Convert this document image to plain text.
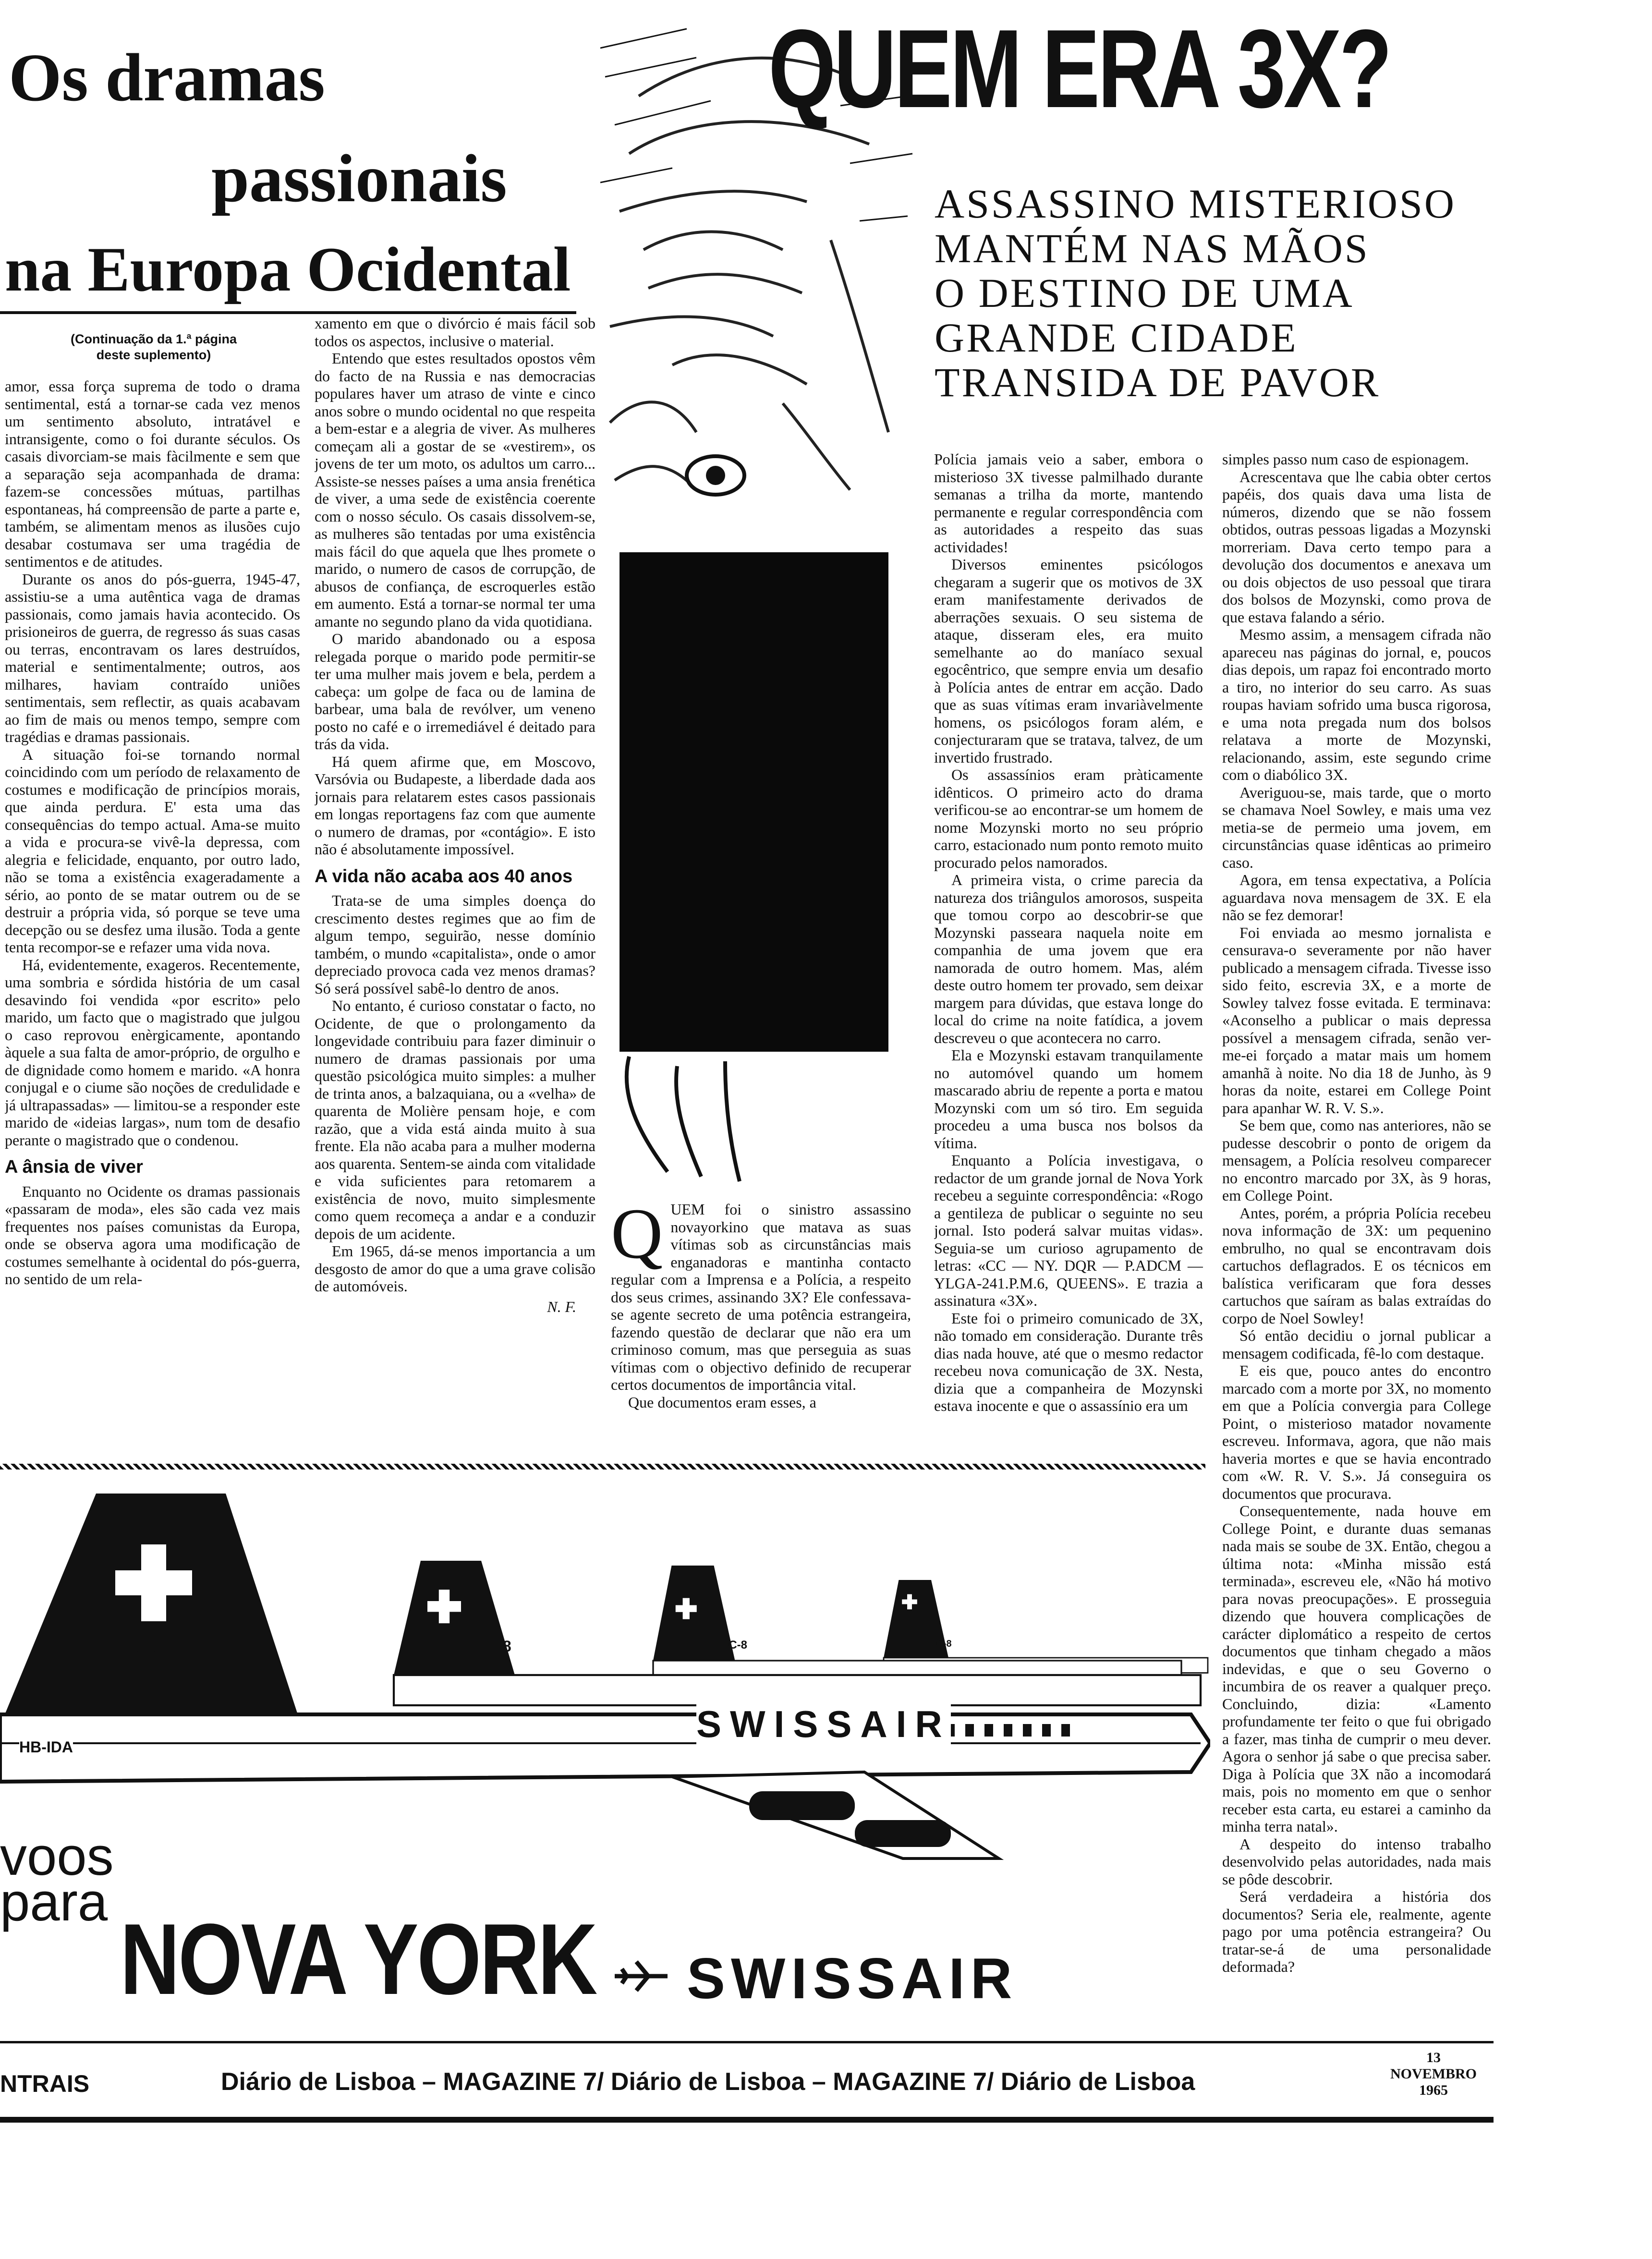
Os dramas
passionais
na Europa Ocidental
(Continuação da 1.ª página
deste suplemento)

amor, essa força suprema de todo o drama sentimental, está a tornar-se cada vez menos um sentimento absoluto, intratável e intransigente, como o foi durante séculos. Os casais divorciam-se mais fàcilmente e sem que a separação seja acompanhada de drama: fazem-se concessões mútuas, partilhas espontaneas, há compreensão de parte a parte e, também, se alimentam menos as ilusões cujo desabar costumava ser uma tragédia de sentimentos e de atitudes.

Durante os anos do pós-guerra, 1945-47, assistiu-se a uma autêntica vaga de dramas passionais, como jamais havia acontecido. Os prisioneiros de guerra, de regresso ás suas casas ou terras, encontravam os lares destruídos, material e sentimentalmente; outros, aos milhares, haviam contraído uniões sentimentais, sem reflectir, as quais acabavam ao fim de mais ou menos tempo, sempre com tragédias e dramas passionais.

A situação foi-se tornando normal coincidindo com um período de relaxamento de costumes e modificação de princípios morais, que ainda perdura. E' esta uma das consequências do tempo actual. Ama-se muito a vida e procura-se vivê-la depressa, com alegria e felicidade, enquanto, por outro lado, não se toma a existência exageradamente a sério, ao ponto de se matar outrem ou de se destruir a própria vida, só porque se teve uma decepção ou se desfez uma ilusão. Toda a gente tenta recompor-se e refazer uma vida nova.

Há, evidentemente, exageros. Recentemente, uma sombria e sórdida história de um casal desavindo foi vendida «por escrito» pelo marido, um facto que o magistrado que julgou o caso reprovou enèrgicamente, apontando àquele a sua falta de amor-próprio, de orgulho e de dignidade como homem e marido. «A honra conjugal e o ciume são noções de credulidade e já ultrapassadas» — limitou-se a responder este marido de «ideias largas», num tom de desafio perante o magistrado que o condenou.

A ânsia de viver

Enquanto no Ocidente os dramas passionais «passaram de moda», eles são cada vez mais frequentes nos países comunistas da Europa, onde se observa agora uma modificação de costumes semelhante à ocidental do pós-guerra, no sentido de um rela-

xamento em que o divórcio é mais fácil sob todos os aspectos, inclusive o material.

Entendo que estes resultados opostos vêm do facto de na Russia e nas democracias populares haver um atraso de vinte e cinco anos sobre o mundo ocidental no que respeita a bem-estar e a alegria de viver. As mulheres começam ali a gostar de se «vestirem», os jovens de ter um moto, os adultos um carro... Assiste-se nesses países a uma ansia frenética de viver, a uma sede de existência coerente com o nosso século. Os casais dissolvem-se, as mulheres são tentadas por uma existência mais fácil do que aquela que lhes promete o marido, o numero de casos de corrupção, de abusos de confiança, de escroquerles estão em aumento. Está a tornar-se normal ter uma amante no segundo plano da vida quotidiana.

O marido abandonado ou a esposa relegada porque o marido pode permitir-se ter uma mulher mais jovem e bela, perdem a cabeça: um golpe de faca ou de lamina de barbear, uma bala de revólver, um veneno posto no café e o irremediável é deitado para trás da vida.

Há quem afirme que, em Moscovo, Varsóvia ou Budapeste, a liberdade dada aos jornais para relatarem estes casos passionais em longas reportagens faz com que aumente o numero de dramas, por «contágio». E isto não é absolutamente impossível.

A vida não acaba aos 40 anos

Trata-se de uma simples doença do crescimento destes regimes que ao fim de algum tempo, seguirão, nesse domínio também, o mundo «capitalista», onde o amor depreciado provoca cada vez menos dramas? Só será possível sabê-lo dentro de anos.

No entanto, é curioso constatar o facto, no Ocidente, de que o prolongamento da longevidade contribuiu para fazer diminuir o numero de dramas passionais por uma questão psicológica muito simples: a mulher de trinta anos, a balzaquiana, ou a «velha» de quarenta de Molière pensam hoje, e com razão, que a vida está ainda muito à sua frente. Ela não acaba para a mulher moderna aos quarenta. Sentem-se ainda com vitalidade e vida suficientes para retomarem a existência de novo, muito simplesmente como quem recomeça a andar e a conduzir depois de um acidente.

Em 1965, dá-se menos importancia a um desgosto de amor do que a uma grave colisão de automóveis.

N. F.
QUEM ERA 3X?
ASSASSINO MISTERIOSO
MANTÉM NAS MÃOS
O DESTINO DE UMA
GRANDE CIDADE
TRANSIDA DE PAVOR
Q UEM foi o sinistro assassino novayorkino que matava as suas vítimas sob as circunstâncias mais enganadoras e mantinha contacto regular com a Imprensa e a Polícia, a respeito dos seus crimes, assinando 3X? Ele confessava-se agente secreto de uma potência estrangeira, fazendo questão de declarar que não era um criminoso comum, mas que perseguia as suas vítimas com o objectivo definido de recuperar certos documentos de importância vital.
Que documentos eram esses, a

Polícia jamais veio a saber, embora o misterioso 3X tivesse palmilhado durante semanas a trilha da morte, mantendo permanente e regular correspondência com as autoridades a respeito das suas actividades!

Diversos eminentes psicólogos chegaram a sugerir que os motivos de 3X eram manifestamente derivados de aberrações sexuais. O seu sistema de ataque, disseram eles, era muito semelhante ao do maníaco sexual egocêntrico, que sempre envia um desafio à Polícia antes de entrar em acção. Dado que as suas vítimas eram invariàvelmente homens, os psicólogos foram além, e conjecturaram que se tratava, talvez, de um invertido frustrado.

Os assassínios eram pràticamente idênticos. O primeiro acto do drama verificou-se ao encontrar-se um homem de nome Mozynski morto no seu próprio carro, estacionado num ponto remoto muito procurado pelos namorados.

A primeira vista, o crime parecia da natureza dos triângulos amorosos, suspeita que tomou corpo ao descobrir-se que Mozynski passeara naquela noite em companhia de uma jovem que era namorada de outro homem. Mas, além deste outro homem ter provado, sem deixar margem para dúvidas, que estava longe do local do crime na noite fatídica, a jovem descreveu o que acontecera no carro.

Ela e Mozynski estavam tranquilamente no automóvel quando um homem mascarado abriu de repente a porta e matou Mozynski com um só tiro. Em seguida procedeu a uma busca nos bolsos da vítima.

Enquanto a Polícia investigava, o redactor de um grande jornal de Nova York recebeu a seguinte correspondência: «Rogo a gentileza de publicar o seguinte no seu jornal. Isto poderá salvar muitas vidas». Seguia-se um curioso agrupamento de letras: «CC — NY. DQR — P.ADCM — YLGA-241.P.M.6, QUEENS». E trazia a assinatura «3X».

Este foi o primeiro comunicado de 3X, não tomado em consideração. Durante três dias nada houve, até que o mesmo redactor recebeu nova comunicação de 3X. Nesta, dizia que a companheira de Mozynski estava inocente e que o assassínio era um

simples passo num caso de espionagem.

Acrescentava que lhe cabia obter certos papéis, dos quais dava uma lista de números, dizendo que se não fossem obtidos, outras pessoas ligadas a Mozynski morreriam. Dava certo tempo para a devolução dos documentos e anexava um ou dois objectos de uso pessoal que tirara dos bolsos de Mozynski, como prova de que estava falando a sério.

Mesmo assim, a mensagem cifrada não apareceu nas páginas do jornal, e, poucos dias depois, um rapaz foi encontrado morto a tiro, no interior do seu carro. As suas roupas haviam sofrido uma busca rigorosa, e uma nota pregada num dos bolsos relatava a morte de Mozynski, relacionando, assim, este segundo crime com o diabólico 3X.

Averiguou-se, mais tarde, que o morto se chamava Noel Sowley, e mais uma vez metia-se de permeio uma jovem, em circunstâncias quase idênticas ao primeiro caso.

Agora, em tensa expectativa, a Polícia aguardava nova mensagem de 3X. E ela não se fez demorar!

Foi enviada ao mesmo jornalista e censurava-o severamente por não haver publicado a mensagem cifrada. Tivesse isso sido feito, escrevia 3X, e a morte de Sowley talvez fosse evitada. E terminava: «Aconselho a publicar o mais depressa possível a mensagem cifrada, senão ver-me-ei forçado a matar mais um homem amanhã à noite. No dia 18 de Junho, às 9 horas da noite, estarei em College Point para apanhar W. R. V. S.».

Se bem que, como nas anteriores, não se pudesse descobrir o ponto de origem da mensagem, a Polícia resolveu comparecer no encontro marcado por 3X, às 9 horas, em College Point.

Antes, porém, a própria Polícia recebeu nova informação de 3X: um pequenino embrulho, no qual se encontravam dois cartuchos deflagrados. E os técnicos em balística verificaram que fora desses cartuchos que saíram as balas extraídas do corpo de Noel Sowley!

Só então decidiu o jornal publicar a mensagem codificada, fê-lo com destaque.

E eis que, pouco antes do encontro marcado com a morte por 3X, no momento em que a Polícia convergia para College Point, o misterioso matador novamente escreveu. Informava, agora, que não mais haveria mortes e que se havia encontrado com «W. R. V. S.». Já conseguira os documentos que procurava.

Consequentemente, nada houve em College Point, e durante duas semanas nada mais se soube de 3X. Então, chegou a última nota: «Minha missão está terminada», escreveu ele, «Não há motivo para novas preocupações». E prosseguia dizendo que houvera complicações de carácter diplomático a respeito de certos documentos que tinham chegado a mãos indevidas, e que o seu Governo o incumbira de os reaver a qualquer preço. Concluindo, dizia: «Lamento profundamente ter feito o que fui obrigado a fazer, mas tinha de cumprir o meu dever. Agora o senhor já sabe o que precisa saber. Diga à Polícia que 3X não a incomodará mais, pois no momento em que o senhor receber esta carta, eu estarei a caminho da minha terra natal».

A despeito do intenso trabalho desenvolvido pelas autoridades, nada mais se pôde descobrir.

Será verdadeira a história dos documentos? Seria ele, realmente, agente pago por uma potência estrangeira? Ou tratar-se-á de uma personalidade deformada?

DC-8	DC-8	DC-8	DC-8
HB-IDA
SWISSAIR
voos
para
NOVA YORK SWISSAIR
NTRAIS	Diário de Lisboa – MAGAZINE 7/ Diário de Lisboa – MAGAZINE 7/ Diário de Lisboa
13
NOVEMBRO
1965
